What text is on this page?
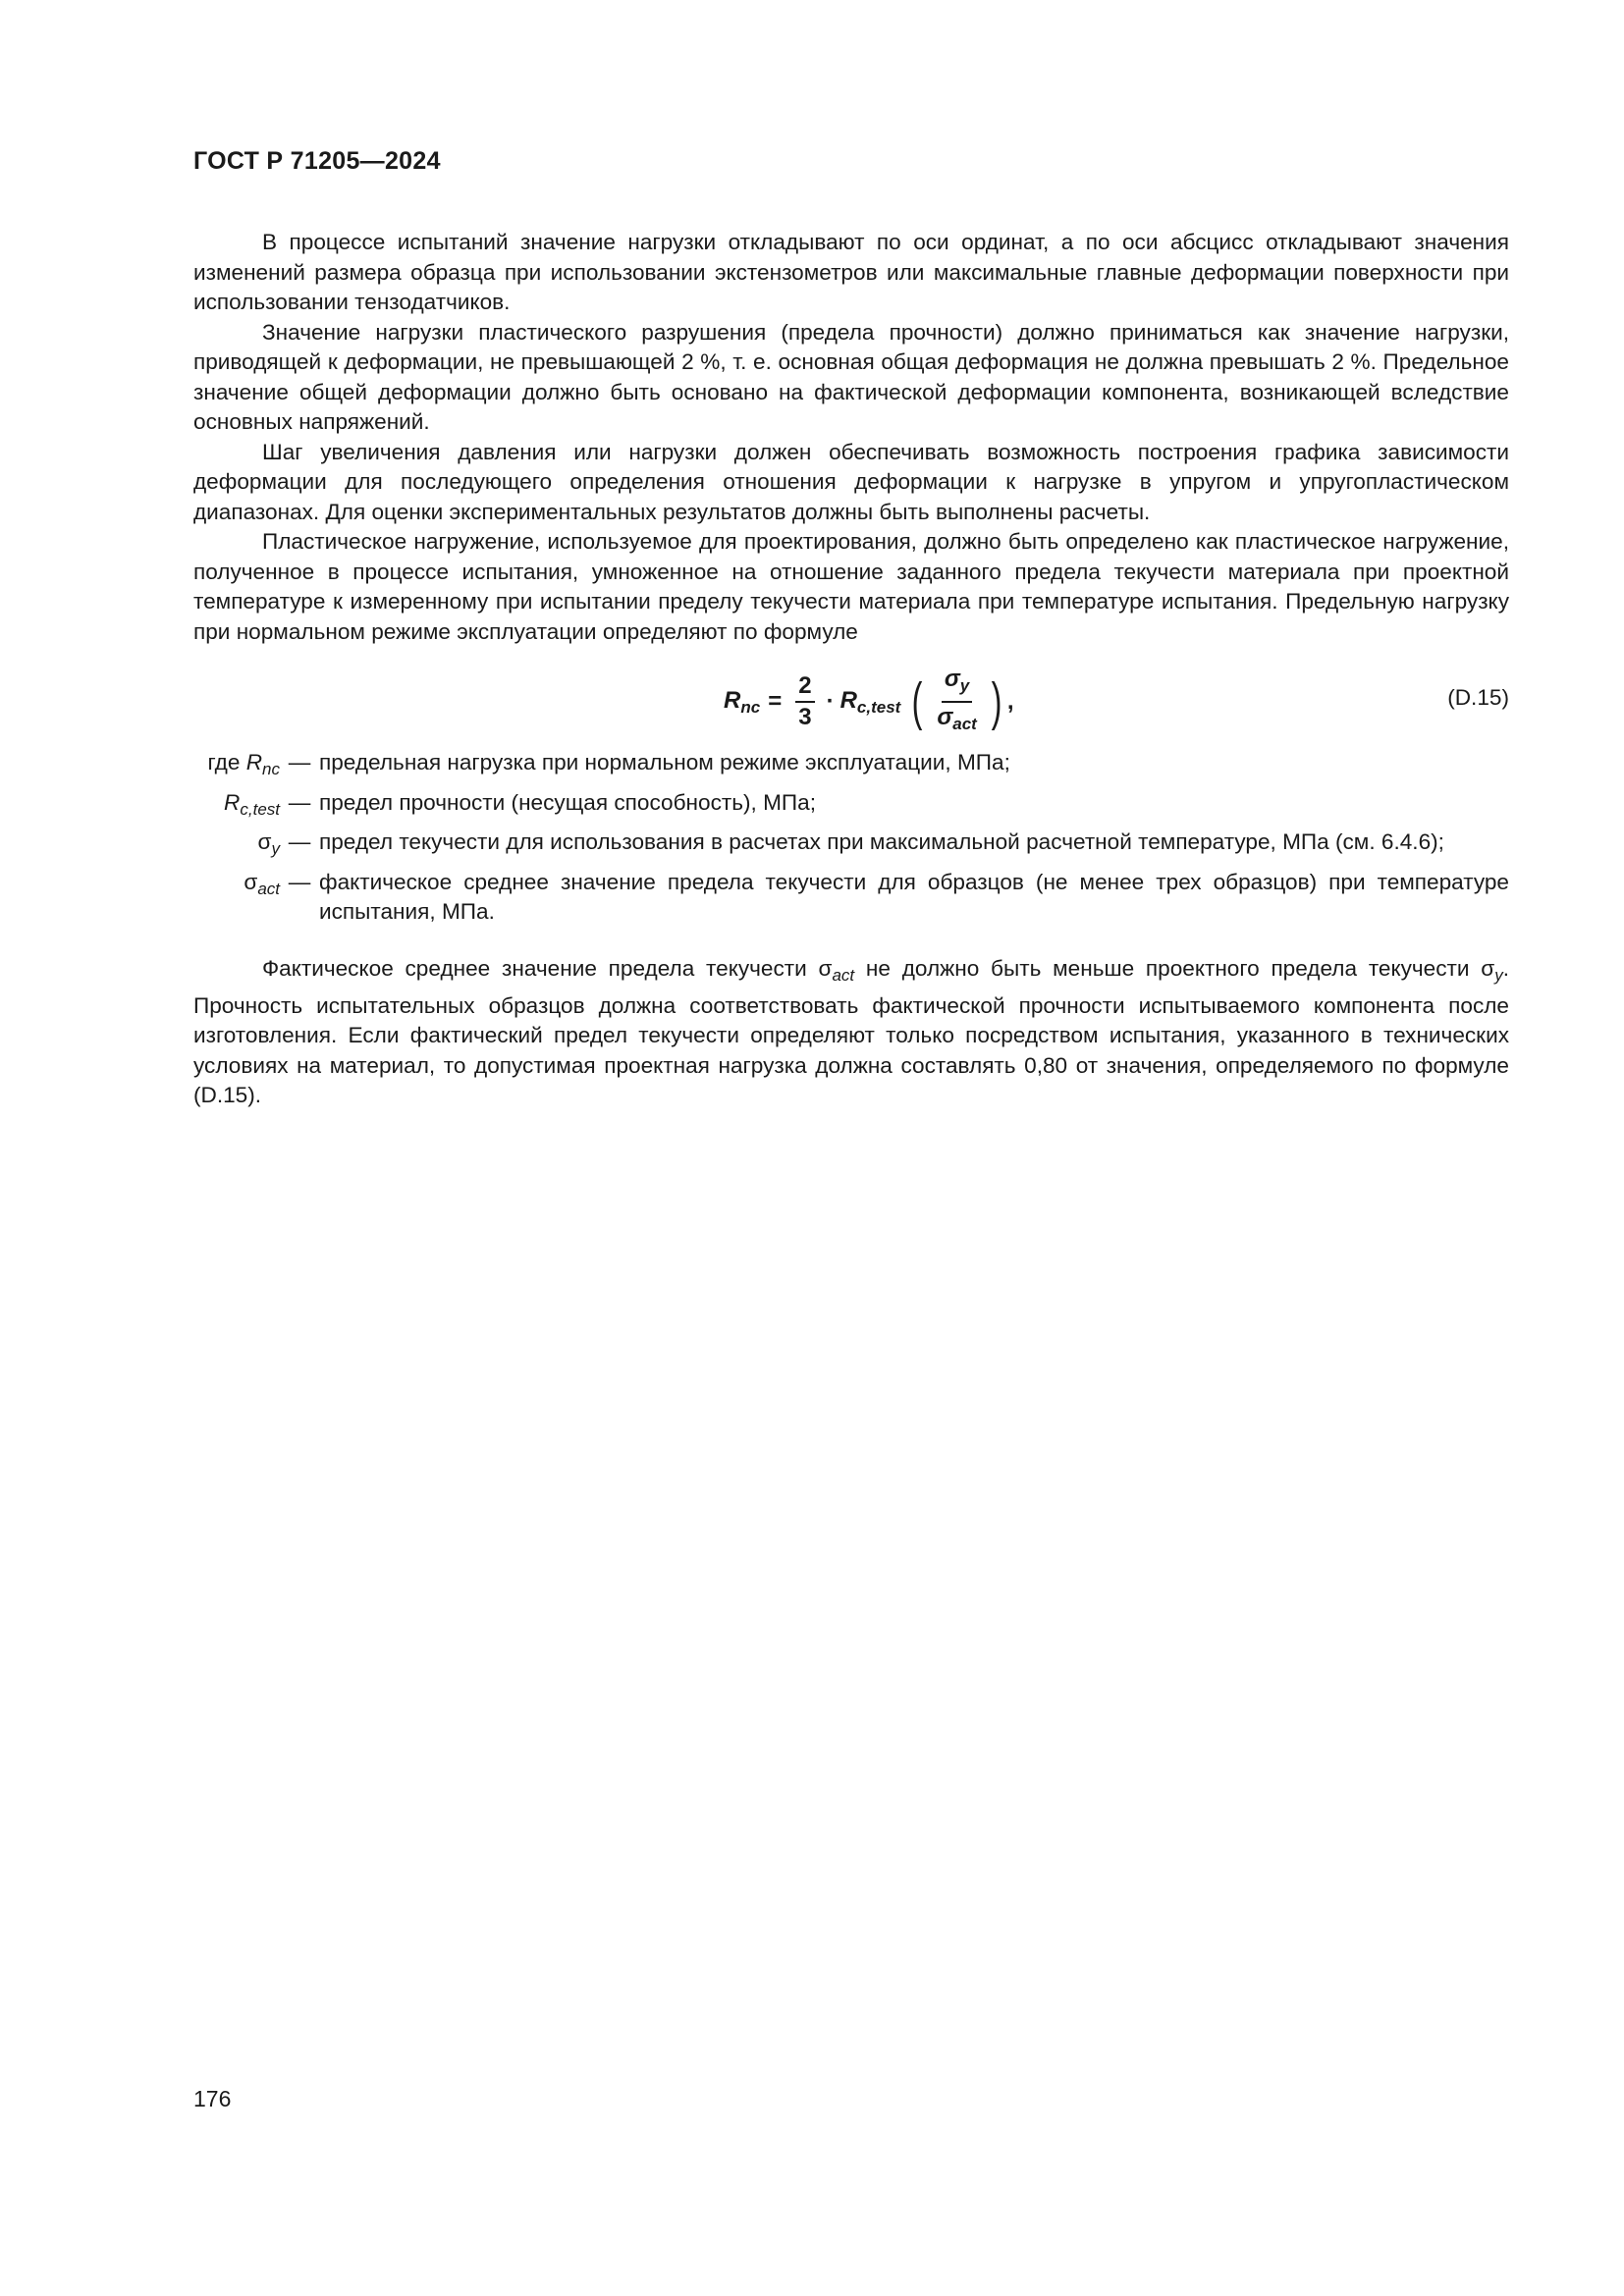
ГОСТ Р 71205—2024

В процессе испытаний значение нагрузки откладывают по оси ординат, а по оси абсцисс откладывают значения изменений размера образца при использовании экстензометров или максимальные главные деформации поверхности при использовании тензодатчиков.

Значение нагрузки пластического разрушения (предела прочности) должно приниматься как значение нагрузки, приводящей к деформации, не превышающей 2 %, т. е. основная общая деформация не должна превышать 2 %. Предельное значение общей деформации должно быть основано на фактической деформации компонента, возникающей вследствие основных напряжений.

Шаг увеличения давления или нагрузки должен обеспечивать возможность построения графика зависимости деформации для последующего определения отношения деформации к нагрузке в упругом и упругопластическом диапазонах. Для оценки экспериментальных результатов должны быть выполнены расчеты.

Пластическое нагружение, используемое для проектирования, должно быть определено как пластическое нагружение, полученное в процессе испытания, умноженное на отношение заданного предела текучести материала при проектной температуре к измеренному при испытании пределу текучести материала при температуре испытания. Предельную нагрузку при нормальном режиме эксплуатации определяют по формуле

$R_{nc} = \frac{2}{3} \cdot R_{c,test}$ ( $\frac{\sigma_y}{\sigma_{act}}$ ) ,	(D.15)
где $R_{nc}$ — предельная нагрузка при нормальном режиме эксплуатации, МПа;
$R_{c,test}$ — предел прочности (несущая способность), МПа;
$\sigma_y$ — предел текучести для использования в расчетах при максимальной расчетной температуре, МПа (см. 6.4.6);
$\sigma_{act}$ — фактическое среднее значение предела текучести для образцов (не менее трех образцов) при температуре испытания, МПа.

Фактическое среднее значение предела текучести $\sigma_{act}$ не должно быть меньше проектного предела текучести $\sigma_y$. Прочность испытательных образцов должна соответствовать фактической прочности испытываемого компонента после изготовления. Если фактический предел текучести определяют только посредством испытания, указанного в технических условиях на материал, то допустимая проектная нагрузка должна составлять 0,80 от значения, определяемого по формуле (D.15).

176
